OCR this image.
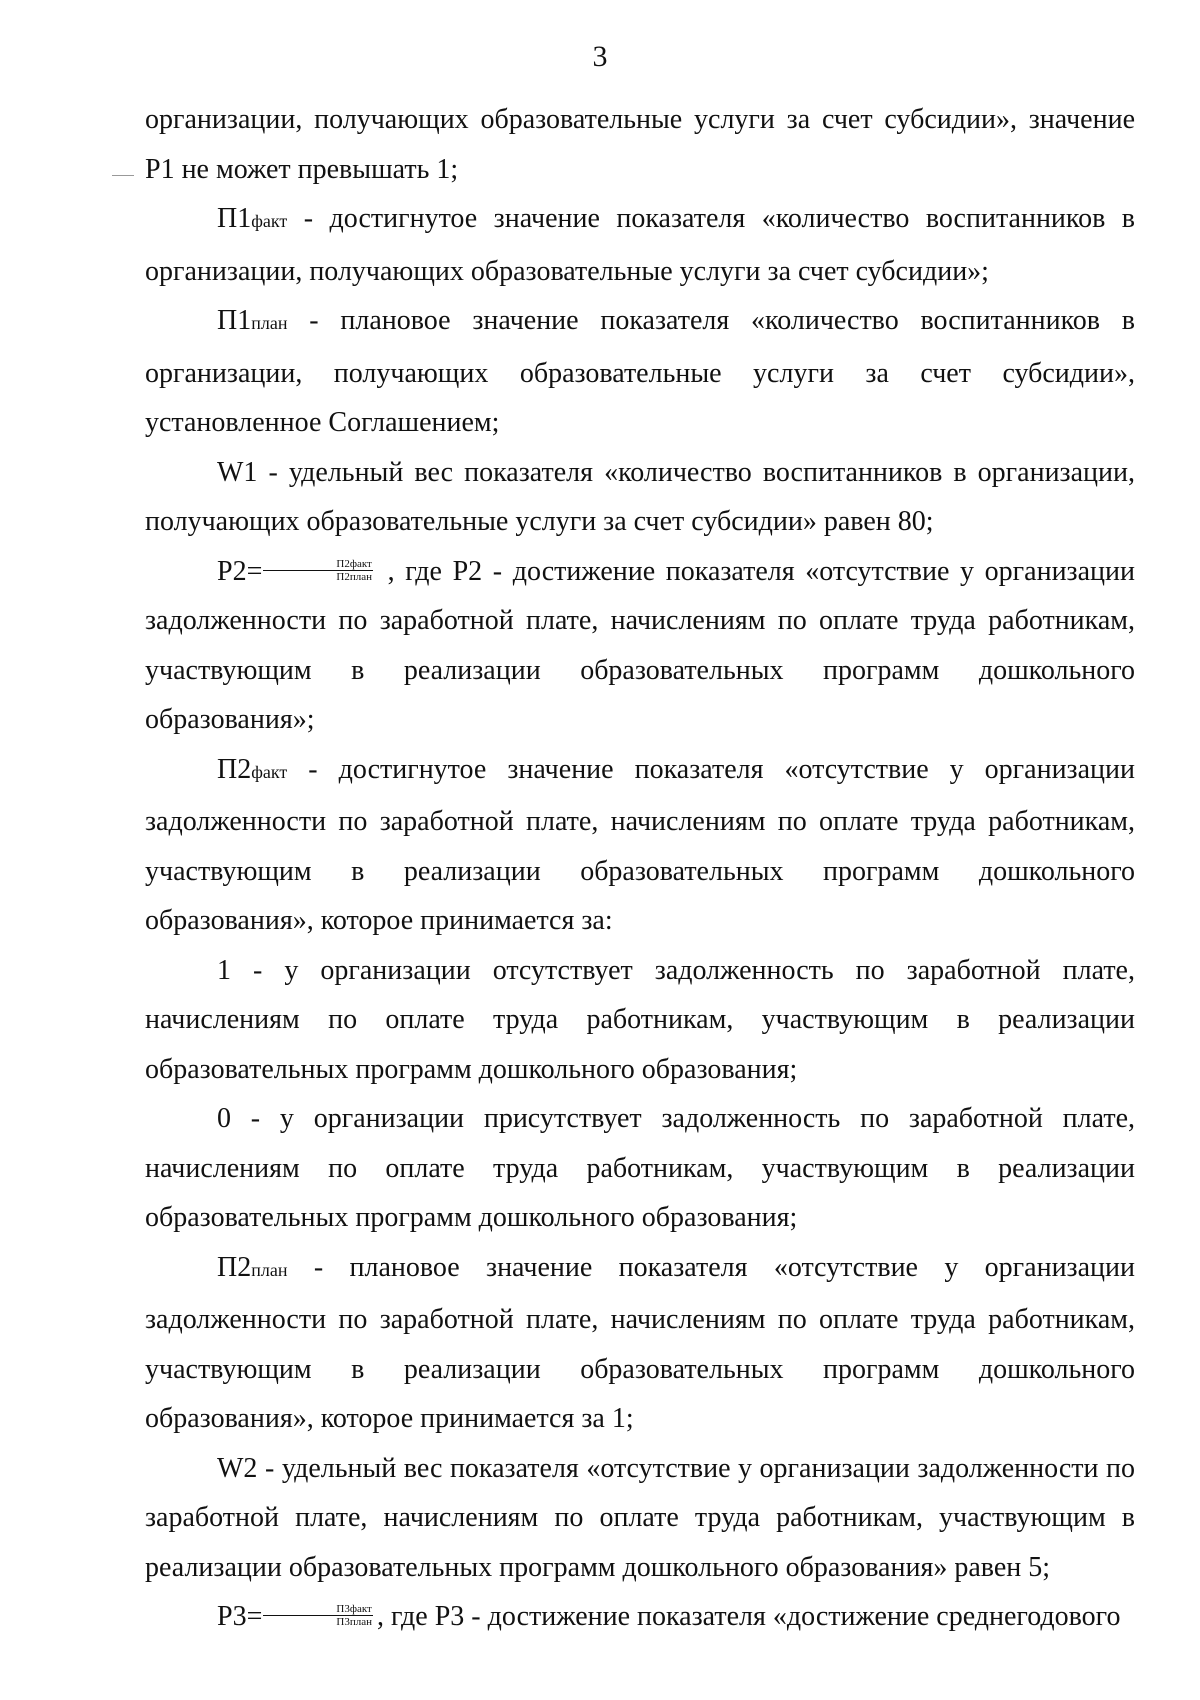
3

организации, получающих образовательные услуги за счет субсидии», значение Р1 не может превышать 1;

П1факт - достигнутое значение показателя «количество воспитанников в организации, получающих образовательные услуги за счет субсидии»;

П1план - плановое значение показателя «количество воспитанников в организации, получающих образовательные услуги за счет субсидии», установленное Соглашением;

W1 - удельный вес показателя «количество воспитанников в организации, получающих образовательные услуги за счет субсидии» равен 80;

$Р2= \frac{\text{П2факт}}{\text{П2план}}$ , где Р2 - достижение показателя «отсутствие у организации задолженности по заработной плате, начислениям по оплате труда работникам, участвующим в реализации образовательных программ дошкольного образования»;

П2факт - достигнутое значение показателя «отсутствие у организации задолженности по заработной плате, начислениям по оплате труда работникам, участвующим в реализации образовательных программ дошкольного образования», которое принимается за:

1 - у организации отсутствует задолженность по заработной плате, начислениям по оплате труда работникам, участвующим в реализации образовательных программ дошкольного образования;

0 - у организации присутствует задолженность по заработной плате, начислениям по оплате труда работникам, участвующим в реализации образовательных программ дошкольного образования;

П2план - плановое значение показателя «отсутствие у организации задолженности по заработной плате, начислениям по оплате труда работникам, участвующим в реализации образовательных программ дошкольного образования», которое принимается за 1;

W2 - удельный вес показателя «отсутствие у организации задолженности по заработной плате, начислениям по оплате труда работникам, участвующим в реализации образовательных программ дошкольного образования» равен 5;

$Р3= \frac{\text{П3факт}}{\text{П3план}}$ , где Р3 - достижение показателя «достижение среднегодового
